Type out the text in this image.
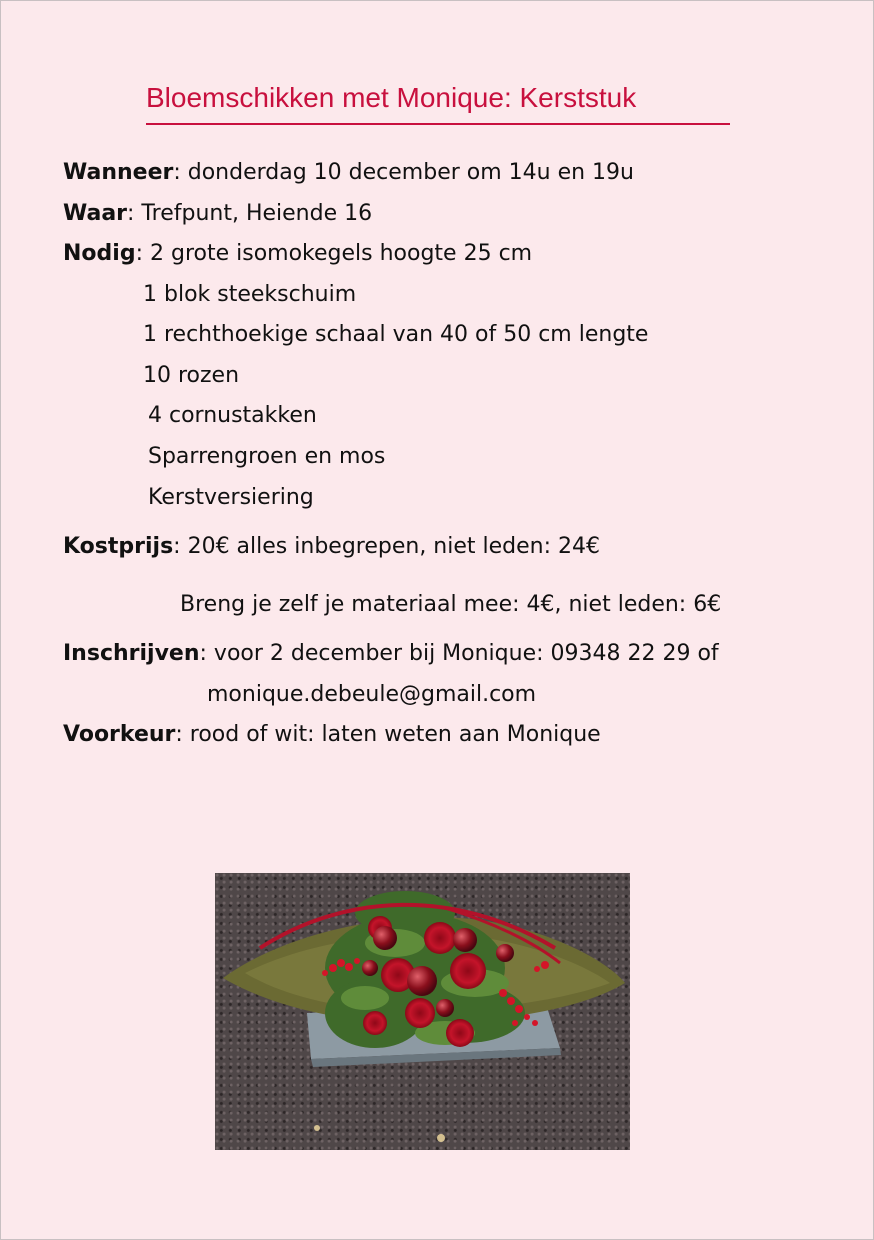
Bloemschikken met Monique: Kerststuk
Wanneer: donderdag 10 december om 14u en 19u
Waar: Trefpunt, Heiende 16
Nodig: 2 grote isomokegels hoogte 25 cm
1 blok steekschuim
1 rechthoekige schaal van 40 of 50 cm lengte
10 rozen
4 cornustakken
Sparrengroen en mos
Kerstversiering
Kostprijs: 20€ alles inbegrepen, niet leden: 24€
Breng je zelf je materiaal mee: 4€, niet leden: 6€
Inschrijven: voor 2 december bij Monique: 09348 22 29 of
monique.debeule@gmail.com
Voorkeur: rood of wit: laten weten aan Monique
